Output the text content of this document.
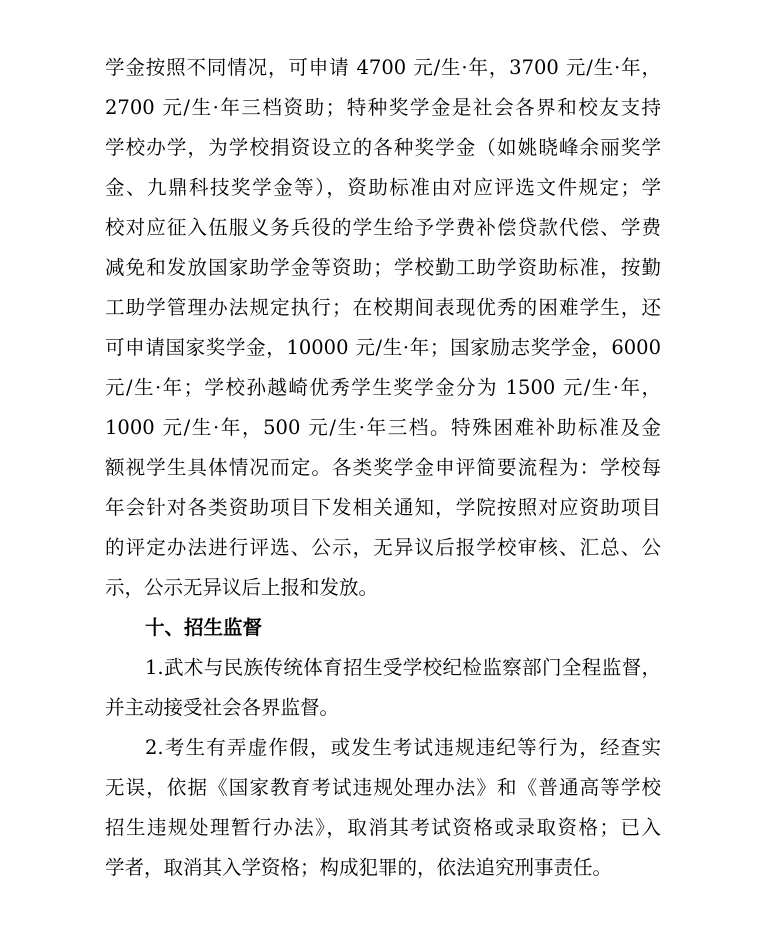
学金按照不同情况，可申请 4700 元/生·年，3700 元/生·年，
2700 元/生·年三档资助；特种奖学金是社会各界和校友支持
学校办学，为学校捐资设立的各种奖学金（如姚晓峰余丽奖学
金、九鼎科技奖学金等），资助标准由对应评选文件规定；学
校对应征入伍服义务兵役的学生给予学费补偿贷款代偿、学费
减免和发放国家助学金等资助；学校勤工助学资助标准，按勤
工助学管理办法规定执行；在校期间表现优秀的困难学生，还
可申请国家奖学金，10000 元/生·年；国家励志奖学金，6000
元/生·年；学校孙越崎优秀学生奖学金分为 1500 元/生·年，
1000 元/生·年，500 元/生·年三档。特殊困难补助标准及金
额视学生具体情况而定。各类奖学金申评简要流程为：学校每
年会针对各类资助项目下发相关通知，学院按照对应资助项目
的评定办法进行评选、公示，无异议后报学校审核、汇总、公
示，公示无异议后上报和发放。
十、招生监督
1.武术与民族传统体育招生受学校纪检监察部门全程监督，
并主动接受社会各界监督。
2.考生有弄虚作假，或发生考试违规违纪等行为，经查实
无误，依据《国家教育考试违规处理办法》和《普通高等学校
招生违规处理暂行办法》，取消其考试资格或录取资格；已入
学者，取消其入学资格；构成犯罪的，依法追究刑事责任。
